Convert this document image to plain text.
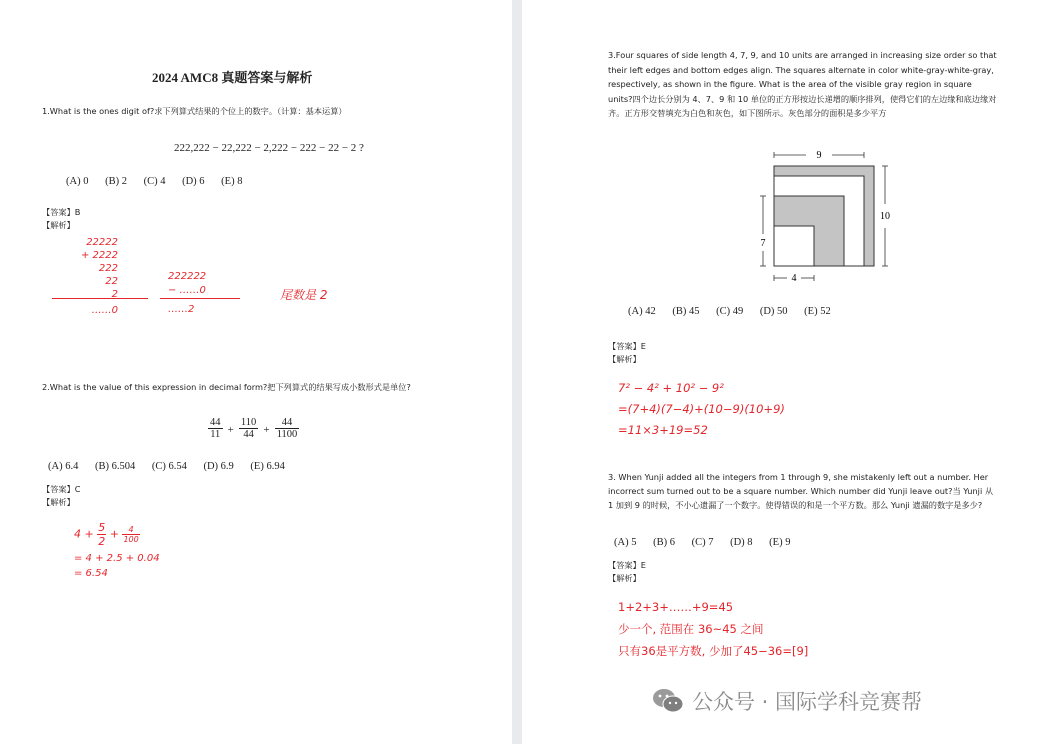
2024 AMC8 真题答案与解析
1.What is the ones digit of?求下列算式结果的个位上的数字。（计算：基本运算）
222,222 − 22,222 − 2,222 − 222 − 22 − 2 ?
(A) 0 (B) 2 (C) 4 (D) 6 (E) 8
【答案】B
【解析】
22222
+ 2222
222
22
2
……0
222222
− ……0
……2
尾数是 2
2.What is the value of this expression in decimal form?把下列算式的结果写成小数形式是单位?
$\frac{44}{11} + \frac{110}{44} + \frac{44}{1100}$
(A) 6.4 (B) 6.504 (C) 6.54 (D) 6.9 (E) 6.94
【答案】C
【解析】
$4 + \frac{5}{2} + \frac{4}{100}$
= 4 + 2.5 + 0.04
= 6.54
3.Four squares of side length 4, 7, 9, and 10 units are arranged in increasing size order so that their left edges and bottom edges align. The squares alternate in color white-gray-white-gray, respectively, as shown in the figure. What is the area of the visible gray region in square units?四个边长分别为 4、7、9 和 10 单位的正方形按边长递增的顺序排列，使得它们的左边缘和底边缘对齐。正方形交替填充为白色和灰色，如下图所示。灰色部分的面积是多少平方
9
10
7
4
(A) 42 (B) 45 (C) 49 (D) 50 (E) 52
【答案】E
【解析】
7² − 4² + 10² − 9²
=(7+4)(7−4)+(10−9)(10+9)
=11×3+19=52
3. When Yunji added all the integers from 1 through 9, she mistakenly left out a number. Her incorrect sum turned out to be a square number. Which number did Yunji leave out?当 Yunji 从 1 加到 9 的时候，不小心遗漏了一个数字。使得错误的和是一个平方数。那么 Yunji 遗漏的数字是多少?
(A) 5 (B) 6 (C) 7 (D) 8 (E) 9
【答案】E
【解析】
1+2+3+……+9=45
少一个, 范围在 36~45 之间
只有36是平方数, 少加了45−36=[9]
公众号 · 国际学科竞赛帮
